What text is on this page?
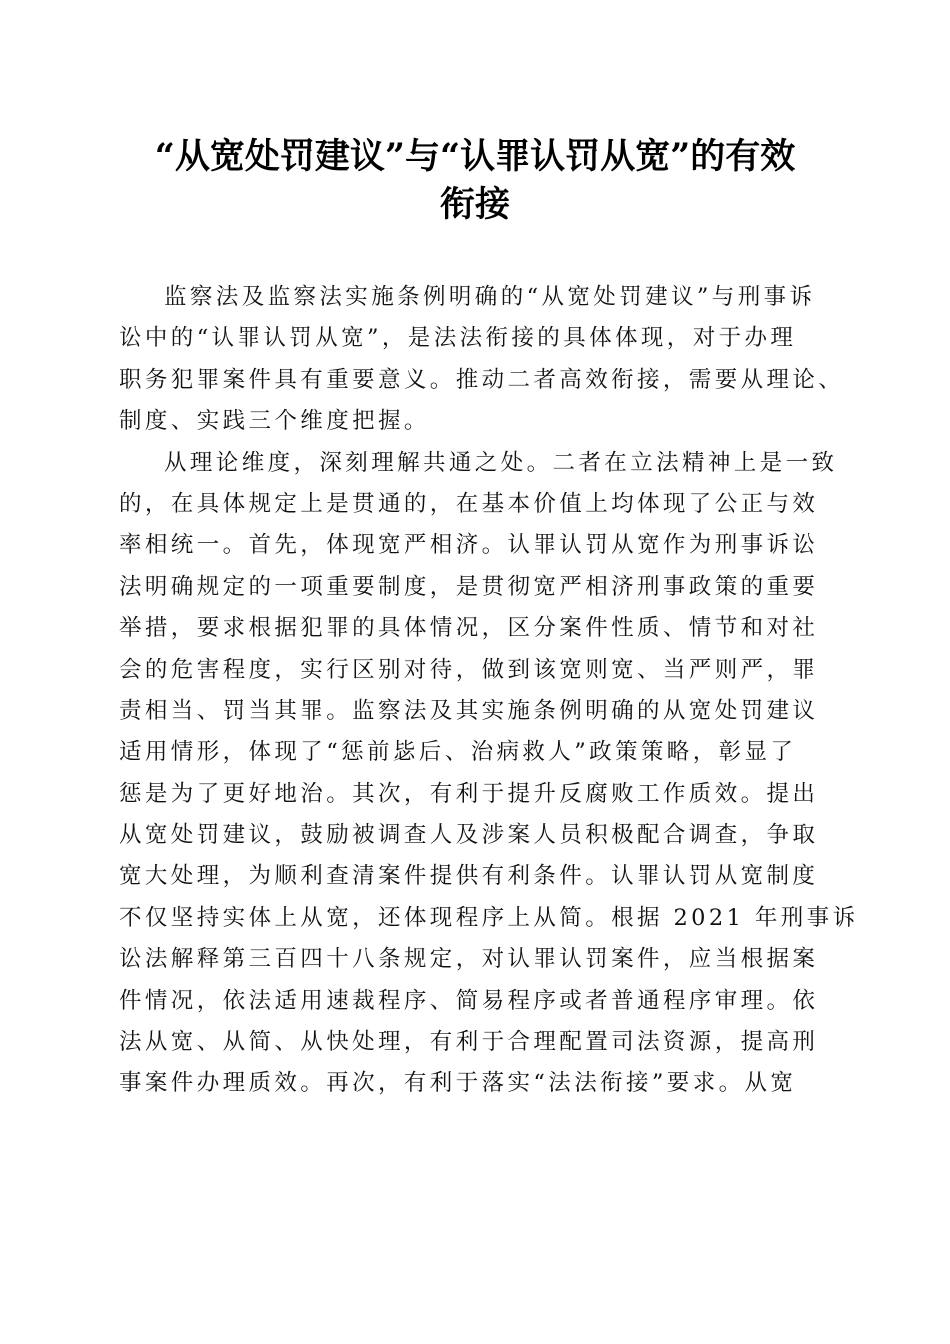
“从宽处罚建议”与“认罪认罚从宽”的有效
衔接
监察法及监察法实施条例明确的“从宽处罚建议”与刑事诉
讼中的“认罪认罚从宽”，是法法衔接的具体体现，对于办理
职务犯罪案件具有重要意义。推动二者高效衔接，需要从理论、
制度、实践三个维度把握。
从理论维度，深刻理解共通之处。二者在立法精神上是一致
的，在具体规定上是贯通的，在基本价值上均体现了公正与效
率相统一。首先，体现宽严相济。认罪认罚从宽作为刑事诉讼
法明确规定的一项重要制度，是贯彻宽严相济刑事政策的重要
举措，要求根据犯罪的具体情况，区分案件性质、情节和对社
会的危害程度，实行区别对待，做到该宽则宽、当严则严，罪
责相当、罚当其罪。监察法及其实施条例明确的从宽处罚建议
适用情形，体现了“惩前毖后、治病救人”政策策略，彰显了
惩是为了更好地治。其次，有利于提升反腐败工作质效。提出
从宽处罚建议，鼓励被调查人及涉案人员积极配合调查，争取
宽大处理，为顺利查清案件提供有利条件。认罪认罚从宽制度
不仅坚持实体上从宽，还体现程序上从简。根据 2021 年刑事诉
讼法解释第三百四十八条规定，对认罪认罚案件，应当根据案
件情况，依法适用速裁程序、简易程序或者普通程序审理。依
法从宽、从简、从快处理，有利于合理配置司法资源，提高刑
事案件办理质效。再次，有利于落实“法法衔接”要求。从宽
